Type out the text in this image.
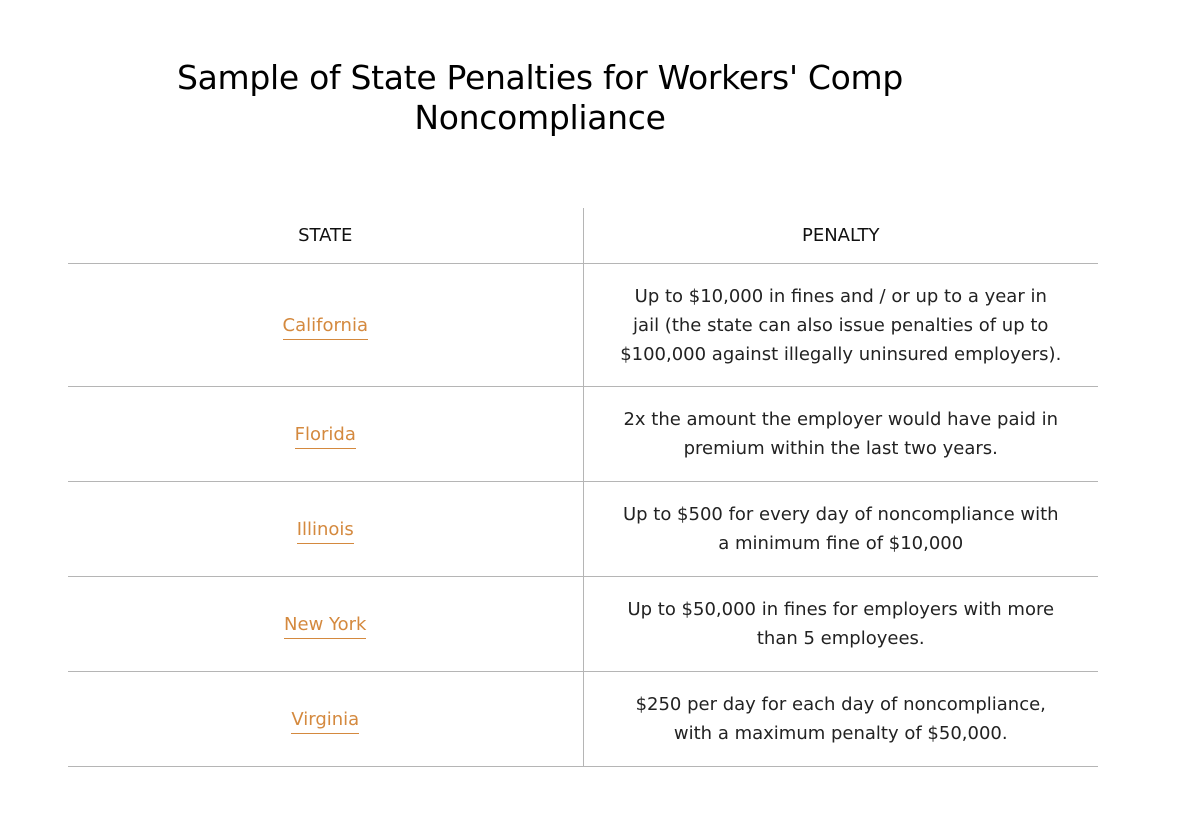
Sample of State Penalties for Workers' Comp Noncompliance
STATE	PENALTY
California	Up to $10,000 in fines and / or up to a year in
jail (the state can also issue penalties of up to
$100,000 against illegally uninsured employers).

Florida	2x the amount the employer would have paid in
premium within the last two years.

Illinois	Up to $500 for every day of noncompliance with
a minimum fine of $10,000

New York	Up to $50,000 in fines for employers with more
than 5 employees.

Virginia	$250 per day for each day of noncompliance,
with a maximum penalty of $50,000.
